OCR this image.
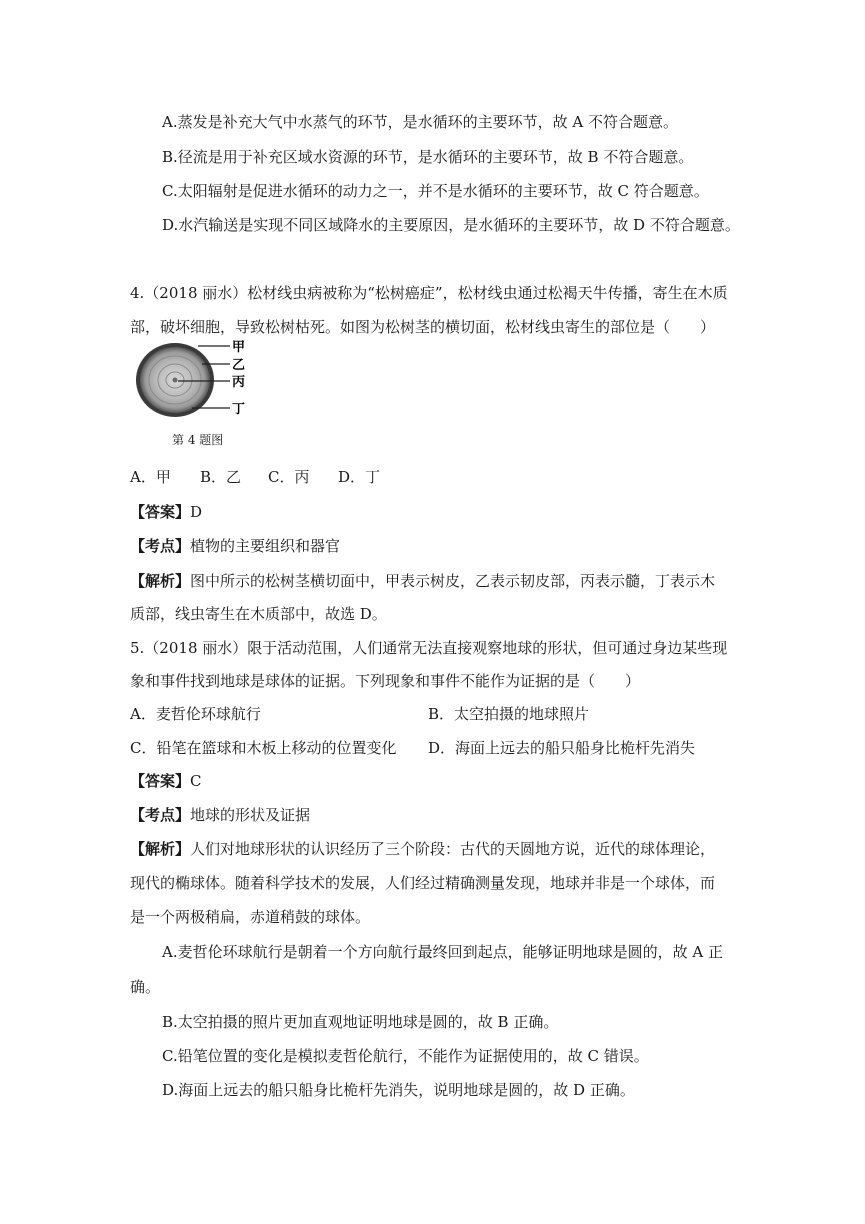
A.蒸发是补充大气中水蒸气的环节，是水循环的主要环节，故 A 不符合题意。
B.径流是用于补充区域水资源的环节，是水循环的主要环节，故 B 不符合题意。
C.太阳辐射是促进水循环的动力之一，并不是水循环的主要环节，故 C 符合题意。
D.水汽输送是实现不同区域降水的主要原因，是水循环的主要环节，故 D 不符合题意。
4.（2018 丽水）松材线虫病被称为“松树癌症”，松材线虫通过松褐天牛传播，寄生在木质
部，破坏细胞，导致松树枯死。如图为松树茎的横切面，松材线虫寄生的部位是（　　）
甲
乙
丙
丁
第 4 题图
A．甲 B．乙 C．丙 D．丁
【答案】D
【考点】植物的主要组织和器官
【解析】图中所示的松树茎横切面中，甲表示树皮，乙表示韧皮部，丙表示髓，丁表示木
质部，线虫寄生在木质部中，故选 D。
5.（2018 丽水）限于活动范围，人们通常无法直接观察地球的形状，但可通过身边某些现
象和事件找到地球是球体的证据。下列现象和事件不能作为证据的是（　　）
A．麦哲伦环球航行	B．太空拍摄的地球照片
C．铅笔在篮球和木板上移动的位置变化 D．海面上远去的船只船身比桅杆先消失
【答案】C
【考点】地球的形状及证据
【解析】人们对地球形状的认识经历了三个阶段：古代的天圆地方说，近代的球体理论，
现代的椭球体。随着科学技术的发展，人们经过精确测量发现，地球并非是一个球体，而
是一个两极稍扁，赤道稍鼓的球体。
A.麦哲伦环球航行是朝着一个方向航行最终回到起点，能够证明地球是圆的，故 A 正
确。
B.太空拍摄的照片更加直观地证明地球是圆的，故 B 正确。
C.铅笔位置的变化是模拟麦哲伦航行，不能作为证据使用的，故 C 错误。
D.海面上远去的船只船身比桅杆先消失，说明地球是圆的，故 D 正确。
